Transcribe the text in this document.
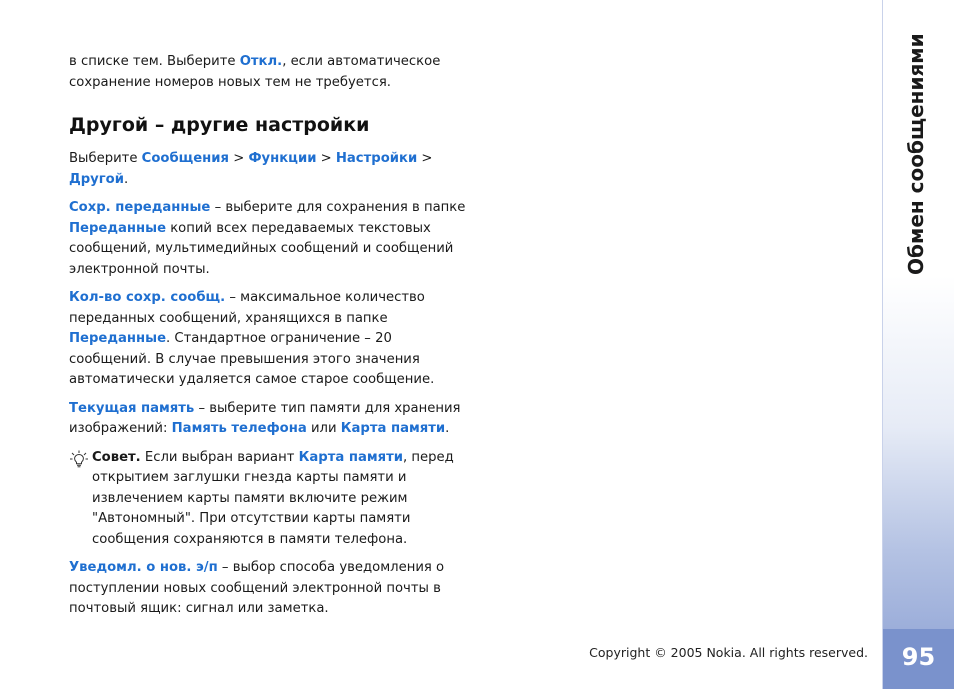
в списке тем. Выберите Откл., если автоматическое сохранение номеров новых тем не требуется.

Другой – другие настройки

Выберите Сообщения > Функции > Настройки >
Другой.

Сохр. переданные – выберите для сохранения в папке Переданные копий всех передаваемых текстовых сообщений, мультимедийных сообщений и сообщений электронной почты.

Кол-во сохр. сообщ. – максимальное количество переданных сообщений, хранящихся в папке Переданные. Стандартное ограничение – 20 сообщений. В случае превышения этого значения автоматически удаляется самое старое сообщение.

Текущая память – выберите тип памяти для хранения изображений: Память телефона или Карта памяти.

Совет. Если выбран вариант Карта памяти, перед открытием заглушки гнезда карты памяти и извлечением карты памяти включите режим "Автономный". При отсутствии карты памяти сообщения сохраняются в памяти телефона.

Уведомл. о нов. э/п – выбор способа уведомления о поступлении новых сообщений электронной почты в почтовый ящик: сигнал или заметка.

Copyright © 2005 Nokia. All rights reserved.
Обмен сообщениями
95
